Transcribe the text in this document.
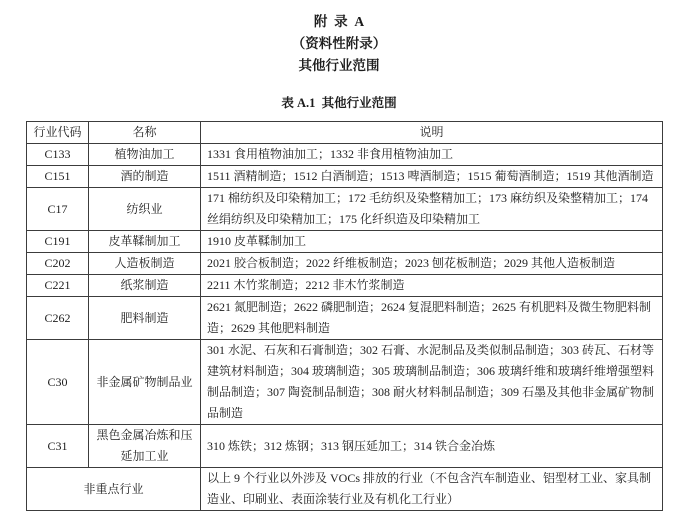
附  录  A
（资料性附录）
其他行业范围
表 A.1  其他行业范围
行业代码	名称	说明
C133	植物油加工	1331 食用植物油加工；1332 非食用植物油加工
C151	酒的制造	1511 酒精制造；1512 白酒制造；1513 啤酒制造；1515 葡萄酒制造；1519 其他酒制造
C17	纺织业	171 棉纺织及印染精加工；172 毛纺织及染整精加工；173 麻纺织及染整精加工；174 丝绢纺织及印染精加工；175 化纤织造及印染精加工
C191	皮革鞣制加工	1910 皮革鞣制加工
C202	人造板制造	2021 胶合板制造；2022 纤维板制造；2023 刨花板制造；2029 其他人造板制造
C221	纸浆制造	2211 木竹浆制造；2212 非木竹浆制造
C262	肥料制造	2621 氮肥制造；2622 磷肥制造；2624 复混肥料制造；2625 有机肥料及微生物肥料制造；2629 其他肥料制造
C30	非金属矿物制品业	301 水泥、石灰和石膏制造；302 石膏、水泥制品及类似制品制造；303 砖瓦、石材等建筑材料制造；304 玻璃制造；305 玻璃制品制造；306 玻璃纤维和玻璃纤维增强塑料制品制造；307 陶瓷制品制造；308 耐火材料制品制造；309 石墨及其他非金属矿物制品制造
C31	黑色金属冶炼和压延加工业	310 炼铁；312 炼钢；313 钢压延加工；314 铁合金冶炼
非重点行业		以上 9 个行业以外涉及 VOCs 排放的行业（不包含汽车制造业、铝型材工业、家具制造业、印刷业、表面涂装行业及有机化工行业）
